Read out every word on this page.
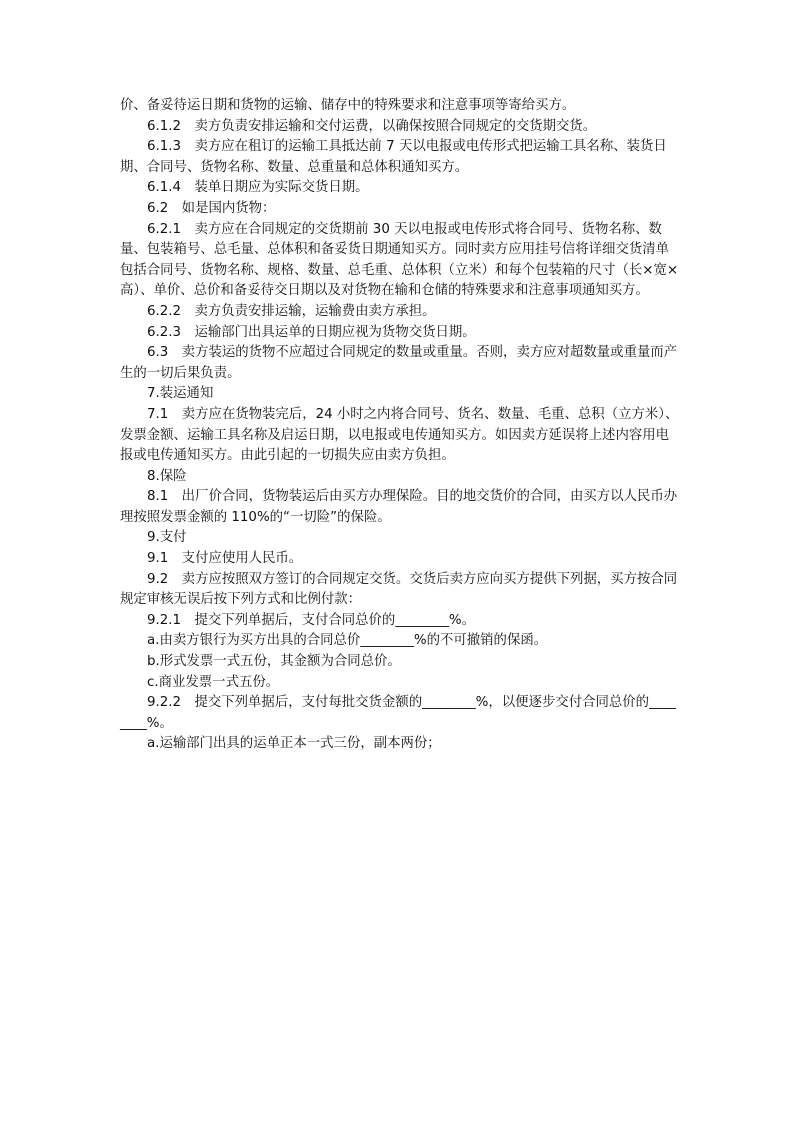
价、备妥待运日期和货物的运输、储存中的特殊要求和注意事项等寄给买方。

6.1.2　卖方负责安排运输和交付运费，以确保按照合同规定的交货期交货。

6.1.3　卖方应在租订的运输工具抵达前 7 天以电报或电传形式把运输工具名称、装货日期、合同号、货物名称、数量、总重量和总体积通知买方。

6.1.4　装单日期应为实际交货日期。

6.2　如是国内货物：

6.2.1　卖方应在合同规定的交货期前 30 天以电报或电传形式将合同号、货物名称、数量、包装箱号、总毛量、总体积和备妥货日期通知买方。同时卖方应用挂号信将详细交货清单包括合同号、货物名称、规格、数量、总毛重、总体积（立米）和每个包装箱的尺寸（长×宽×高）、单价、总价和备妥待交日期以及对货物在输和仓储的特殊要求和注意事项通知买方。

6.2.2　卖方负责安排运输，运输费由卖方承担。

6.2.3　运输部门出具运单的日期应视为货物交货日期。

6.3　卖方装运的货物不应超过合同规定的数量或重量。否则，卖方应对超数量或重量而产生的一切后果负责。

7.装运通知

7.1　卖方应在货物装完后，24 小时之内将合同号、货名、数量、毛重、总积（立方米）、发票金额、运输工具名称及启运日期，以电报或电传通知买方。如因卖方延误将上述内容用电报或电传通知买方。由此引起的一切损失应由卖方负担。

8.保险

8.1　出厂价合同，货物装运后由买方办理保险。目的地交货价的合同，由买方以人民币办理按照发票金额的 110%的“一切险”的保险。

9.支付

9.1　支付应使用人民币。

9.2　卖方应按照双方签订的合同规定交货。交货后卖方应向买方提供下列据，买方按合同规定审核无误后按下列方式和比例付款：

9.2.1　提交下列单据后，支付合同总价的________%。

a.由卖方银行为买方出具的合同总价________%的不可撤销的保函。

b.形式发票一式五份，其金额为合同总价。

c.商业发票一式五份。

9.2.2　提交下列单据后，支付每批交货金额的________%，以便逐步交付合同总价的________%。

a.运输部门出具的运单正本一式三份，副本两份；
